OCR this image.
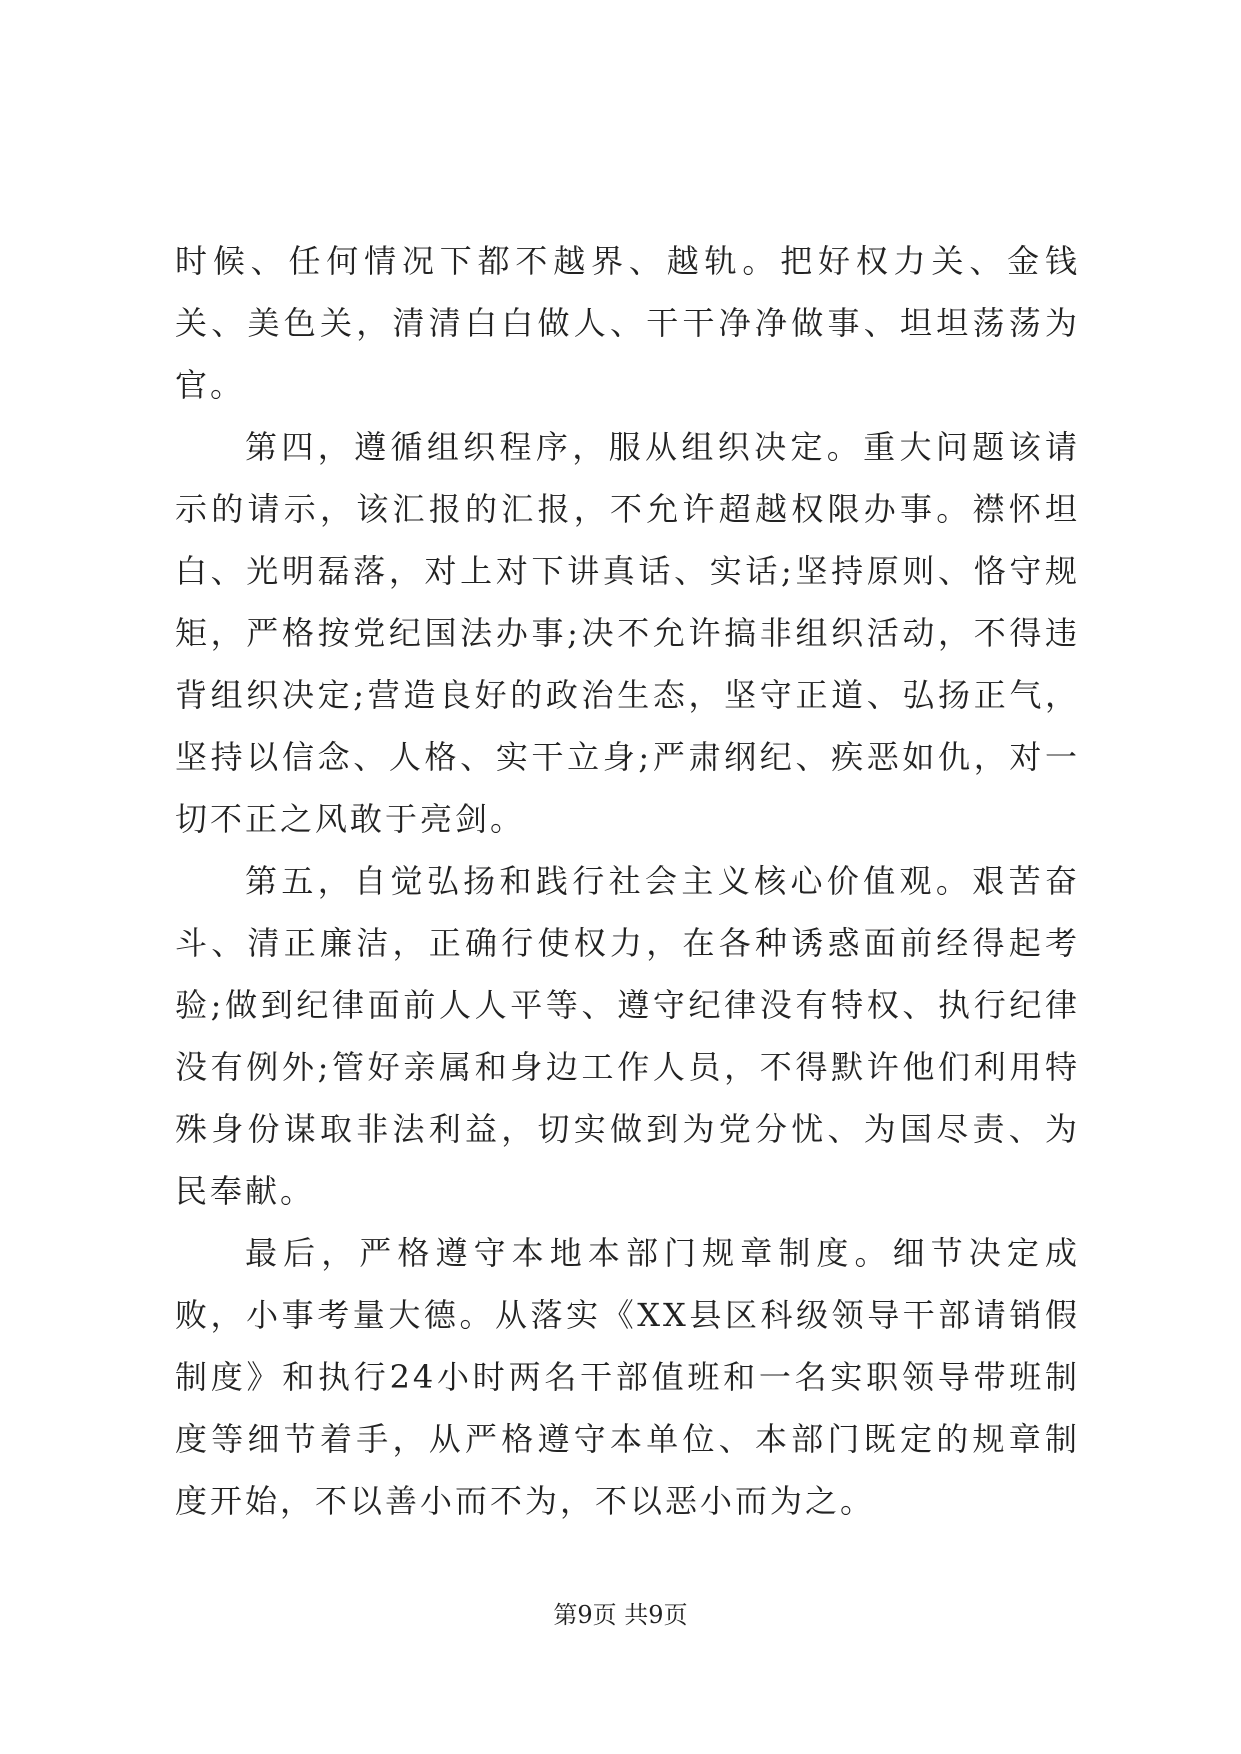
时候、任何情况下都不越界、越轨。把好权力关、金钱关、美色关，清清白白做人、干干净净做事、坦坦荡荡为官。

第四，遵循组织程序，服从组织决定。重大问题该请示的请示，该汇报的汇报，不允许超越权限办事。襟怀坦白、光明磊落，对上对下讲真话、实话;坚持原则、恪守规矩，严格按党纪国法办事;决不允许搞非组织活动，不得违背组织决定;营造良好的政治生态，坚守正道、弘扬正气，坚持以信念、人格、实干立身;严肃纲纪、疾恶如仇，对一切不正之风敢于亮剑。

第五，自觉弘扬和践行社会主义核心价值观。艰苦奋斗、清正廉洁，正确行使权力，在各种诱惑面前经得起考验;做到纪律面前人人平等、遵守纪律没有特权、执行纪律没有例外;管好亲属和身边工作人员，不得默许他们利用特殊身份谋取非法利益，切实做到为党分忧、为国尽责、为民奉献。

最后，严格遵守本地本部门规章制度。细节决定成败，小事考量大德。从落实《XX县区科级领导干部请销假制度》和执行24小时两名干部值班和一名实职领导带班制度等细节着手，从严格遵守本单位、本部门既定的规章制度开始，不以善小而不为，不以恶小而为之。

第9页 共9页
